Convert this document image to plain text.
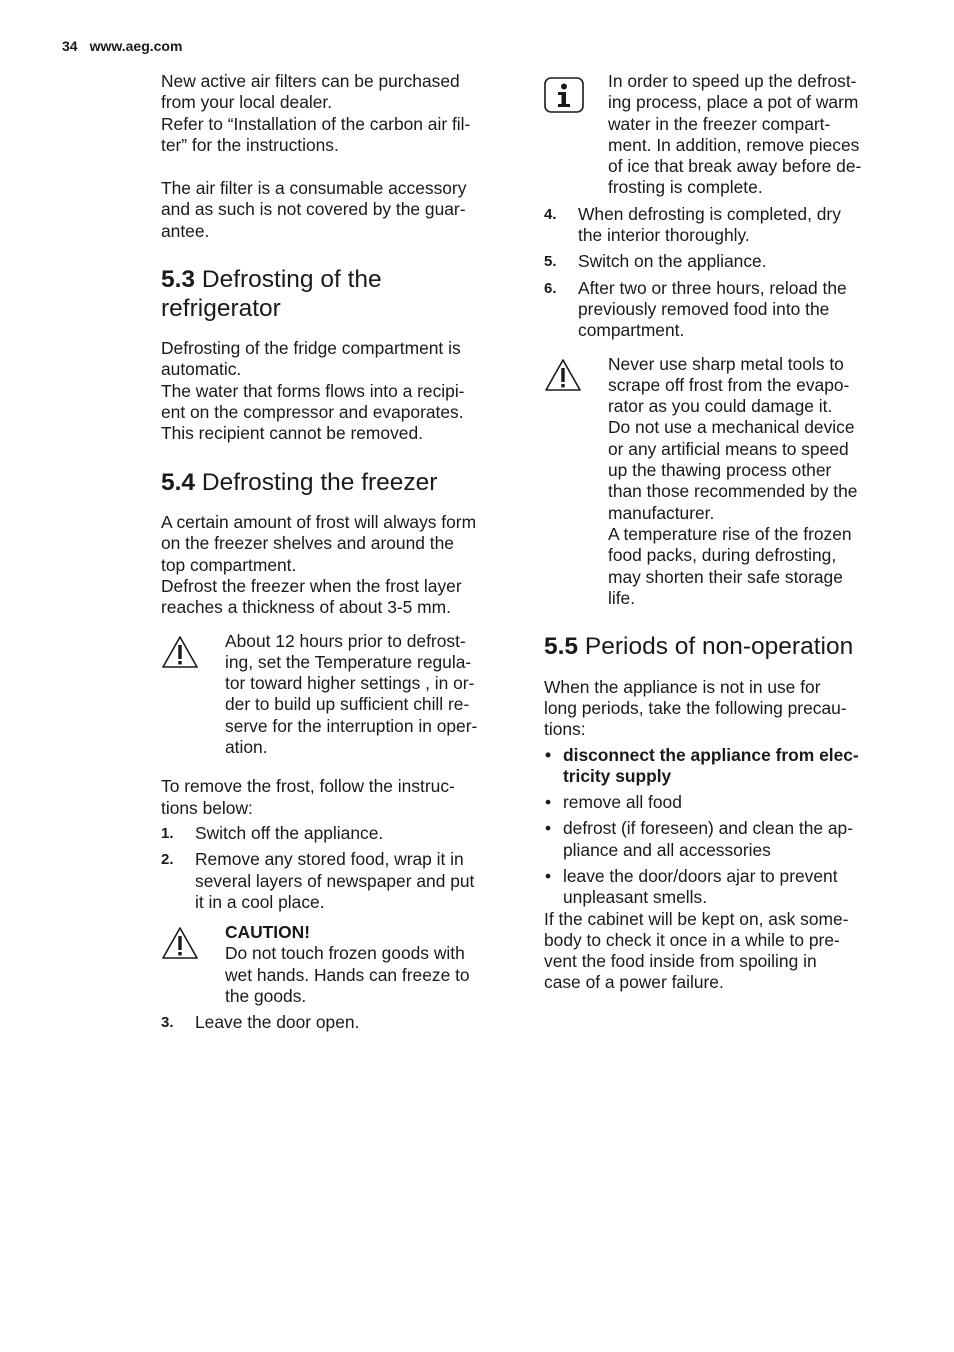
34 www.aeg.com

New active air filters can be purchased
from your local dealer.
Refer to “Installation of the carbon air fil-
ter” for the instructions.

The air filter is a consumable accessory
and as such is not covered by the guar-
antee.

5.3 Defrosting of the
refrigerator

Defrosting of the fridge compartment is
automatic.
The water that forms flows into a recipi-
ent on the compressor and evaporates.
This recipient cannot be removed.

5.4 Defrosting the freezer

A certain amount of frost will always form
on the freezer shelves and around the
top compartment.
Defrost the freezer when the frost layer
reaches a thickness of about 3-5 mm.

About 12 hours prior to defrost-
ing, set the Temperature regula-
tor toward higher settings , in or-
der to build up sufficient chill re-
serve for the interruption in oper-
ation.

To remove the frost, follow the instruc-
tions below:

1. Switch off the appliance.
2. Remove any stored food, wrap it in
several layers of newspaper and put
it in a cool place.
CAUTION!
Do not touch frozen goods with
wet hands. Hands can freeze to
the goods.
3. Leave the door open.
In order to speed up the defrost-
ing process, place a pot of warm
water in the freezer compart-
ment. In addition, remove pieces
of ice that break away before de-
frosting is complete.
4. When defrosting is completed, dry
the interior thoroughly.
5. Switch on the appliance.
6. After two or three hours, reload the
previously removed food into the
compartment.
Never use sharp metal tools to
scrape off frost from the evapo-
rator as you could damage it.
Do not use a mechanical device
or any artificial means to speed
up the thawing process other
than those recommended by the
manufacturer.
A temperature rise of the frozen
food packs, during defrosting,
may shorten their safe storage
life.
5.5 Periods of non-operation

When the appliance is not in use for
long periods, take the following precau-
tions:

• disconnect the appliance from elec-
tricity supply
• remove all food
• defrost (if foreseen) and clean the ap-
pliance and all accessories
• leave the door/doors ajar to prevent
unpleasant smells.

If the cabinet will be kept on, ask some-
body to check it once in a while to pre-
vent the food inside from spoiling in
case of a power failure.
